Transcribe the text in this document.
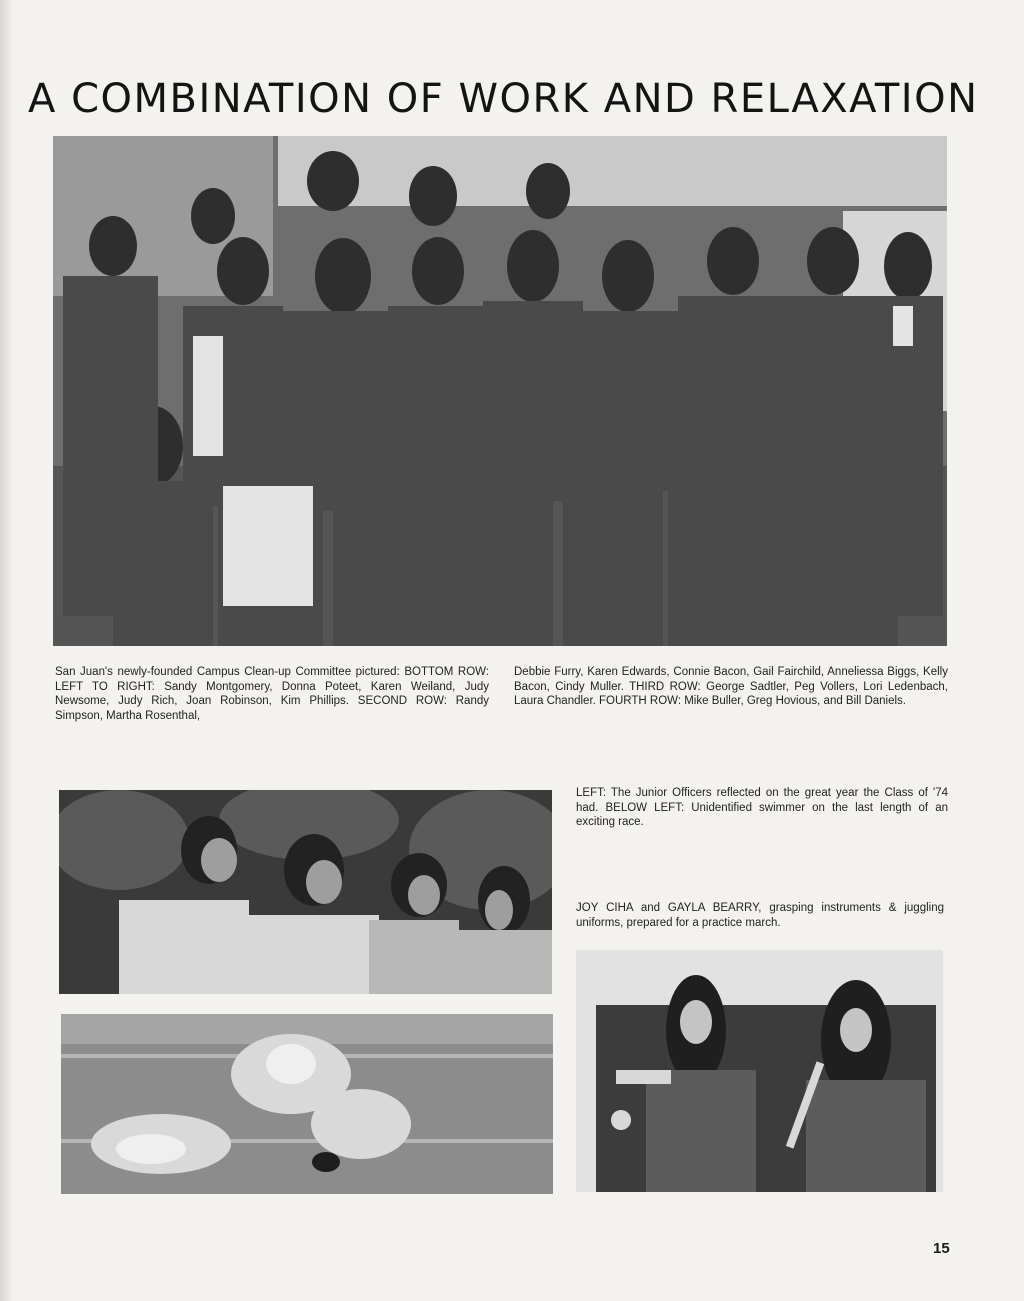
A COMBINATION OF WORK AND RELAXATION

San Juan's newly-founded Campus Clean-up Committee pictured: BOTTOM ROW: LEFT TO RIGHT: Sandy Montgomery, Donna Poteet, Karen Weiland, Judy Newsome, Judy Rich, Joan Robinson, Kim Phillips. SECOND ROW: Randy Simpson, Martha Rosenthal,

Debbie Furry, Karen Edwards, Connie Bacon, Gail Fairchild, Anneliessa Biggs, Kelly Bacon, Cindy Muller. THIRD ROW: George Sadtler, Peg Vollers, Lori Ledenbach, Laura Chandler. FOURTH ROW: Mike Buller, Greg Hovious, and Bill Daniels.

LEFT: The Junior Officers reflected on the great year the Class of '74 had. BELOW LEFT: Unidentified swimmer on the last length of an exciting race.

JOY CIHA and GAYLA BEARRY, grasping instruments & juggling uniforms, prepared for a practice march.

15
